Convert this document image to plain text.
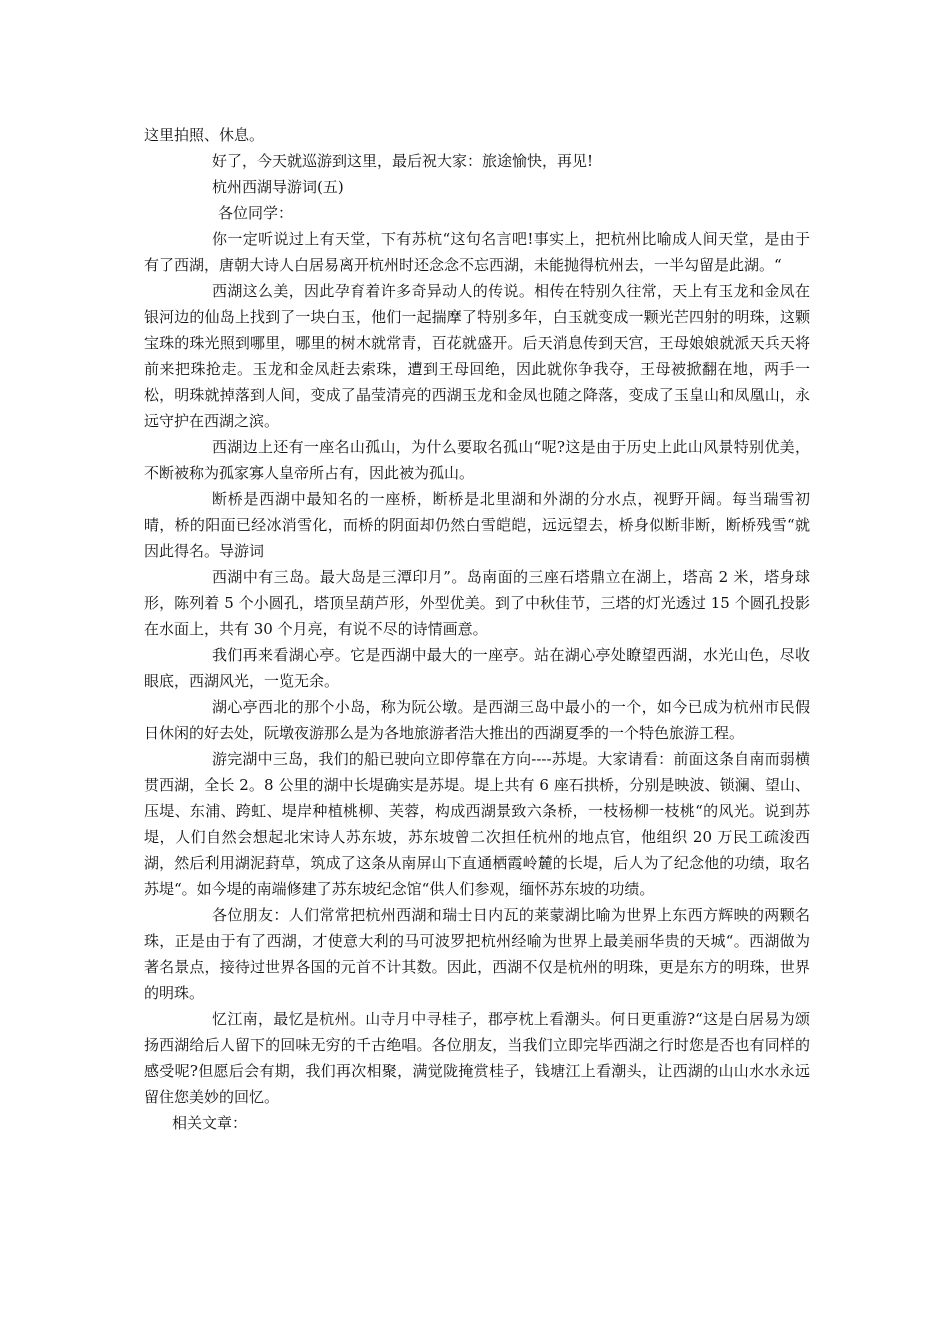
这里拍照、休息。

好了，今天就巡游到这里，最后祝大家：旅途愉快，再见!

杭州西湖导游词(五)

各位同学：

你一定听说过上有天堂，下有苏杭“这句名言吧!事实上，把杭州比喻成人间天堂，是由于有了西湖，唐朝大诗人白居易离开杭州时还念念不忘西湖，未能抛得杭州去，一半勾留是此湖。“

西湖这么美，因此孕育着许多奇异动人的传说。相传在特别久往常，天上有玉龙和金凤在银河边的仙岛上找到了一块白玉，他们一起揣摩了特别多年，白玉就变成一颗光芒四射的明珠，这颗宝珠的珠光照到哪里，哪里的树木就常青，百花就盛开。后天消息传到天宫，王母娘娘就派天兵天将前来把珠抢走。玉龙和金凤赶去索珠，遭到王母回绝，因此就你争我夺，王母被掀翻在地，两手一松，明珠就掉落到人间，变成了晶莹清亮的西湖玉龙和金凤也随之降落，变成了玉皇山和凤凰山，永远守护在西湖之滨。

西湖边上还有一座名山孤山，为什么要取名孤山“呢?这是由于历史上此山风景特别优美，不断被称为孤家寡人皇帝所占有，因此被为孤山。

断桥是西湖中最知名的一座桥，断桥是北里湖和外湖的分水点，视野开阔。每当瑞雪初晴，桥的阳面已经冰消雪化，而桥的阴面却仍然白雪皑皑，远远望去，桥身似断非断，断桥残雪“就因此得名。导游词

西湖中有三岛。最大岛是三潭印月”。岛南面的三座石塔鼎立在湖上，塔高 2 米，塔身球形，陈列着 5 个小圆孔，塔顶呈葫芦形，外型优美。到了中秋佳节，三塔的灯光透过 15 个圆孔投影在水面上，共有 30 个月亮，有说不尽的诗情画意。

我们再来看湖心亭。它是西湖中最大的一座亭。站在湖心亭处瞭望西湖，水光山色，尽收眼底，西湖风光，一览无余。

湖心亭西北的那个小岛，称为阮公墩。是西湖三岛中最小的一个，如今已成为杭州市民假日休闲的好去处，阮墩夜游那么是为各地旅游者浩大推出的西湖夏季的一个特色旅游工程。

游完湖中三岛，我们的船已驶向立即停靠在方向----苏堤。大家请看：前面这条自南而弱横贯西湖，全长 2。8 公里的湖中长堤确实是苏堤。堤上共有 6 座石拱桥，分别是映波、锁澜、望山、压堤、东浦、跨虹、堤岸种植桃柳、芙蓉，构成西湖景致六条桥，一枝杨柳一枝桃“的风光。说到苏堤，人们自然会想起北宋诗人苏东坡，苏东坡曾二次担任杭州的地点官，他组织 20 万民工疏浚西湖，然后利用湖泥葑草，筑成了这条从南屏山下直通栖霞岭麓的长堤，后人为了纪念他的功绩，取名苏堤“。如今堤的南端修建了苏东坡纪念馆“供人们参观，缅怀苏东坡的功绩。

各位朋友：人们常常把杭州西湖和瑞士日内瓦的莱蒙湖比喻为世界上东西方辉映的两颗名珠，正是由于有了西湖，才使意大利的马可波罗把杭州经喻为世界上最美丽华贵的天城“。西湖做为著名景点，接待过世界各国的元首不计其数。因此，西湖不仅是杭州的明珠，更是东方的明珠，世界的明珠。

忆江南，最忆是杭州。山寺月中寻桂子，郡亭枕上看潮头。何日更重游?“这是白居易为颂扬西湖给后人留下的回味无穷的千古绝唱。各位朋友，当我们立即完毕西湖之行时您是否也有同样的感受呢?但愿后会有期，我们再次相聚，满觉陇掩赏桂子，钱塘江上看潮头，让西湖的山山水水永远留住您美妙的回忆。

相关文章：
